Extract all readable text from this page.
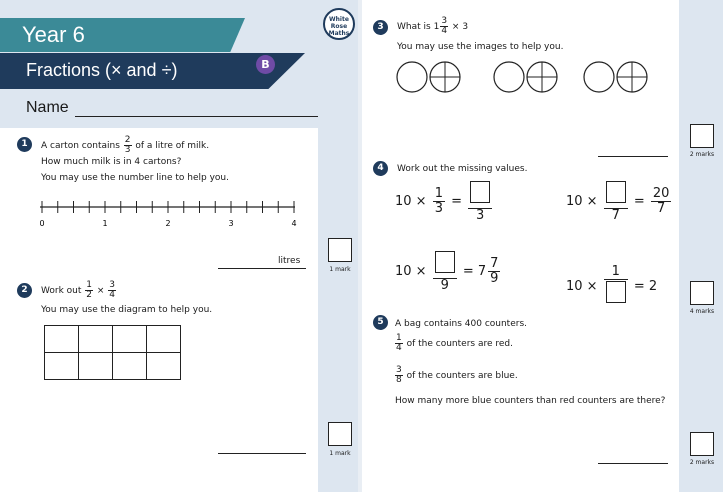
Year 6
Fractions (× and ÷)	B
White
Rose
Maths
Name
1	A carton contains $\frac{2}{3}$ of a litre of milk.
How much milk is in 4 cartons?
You may use the number line to help you.
0	1	2	3	4
litres
1 mark
2	Work out $\frac{1}{2} \times \frac{3}{4}$
You may use the diagram to help you.

1 mark
3	What is $1 \frac{3}{4} \times 3$
You may use the images to help you.
2 marks
4	Work out the missing values.
$10 \times \frac{1}{3}$ =
3
10 ×
7
= $\frac{20}{7}$
10 ×
9
= $7 \frac{7}{9}$
10 ×
1
= 2
4 marks
5	A bag contains 400 counters.
$\frac{1}{4}$ of the counters are red.
$\frac{3}{8}$ of the counters are blue.
How many more blue counters than red counters are there?
2 marks
